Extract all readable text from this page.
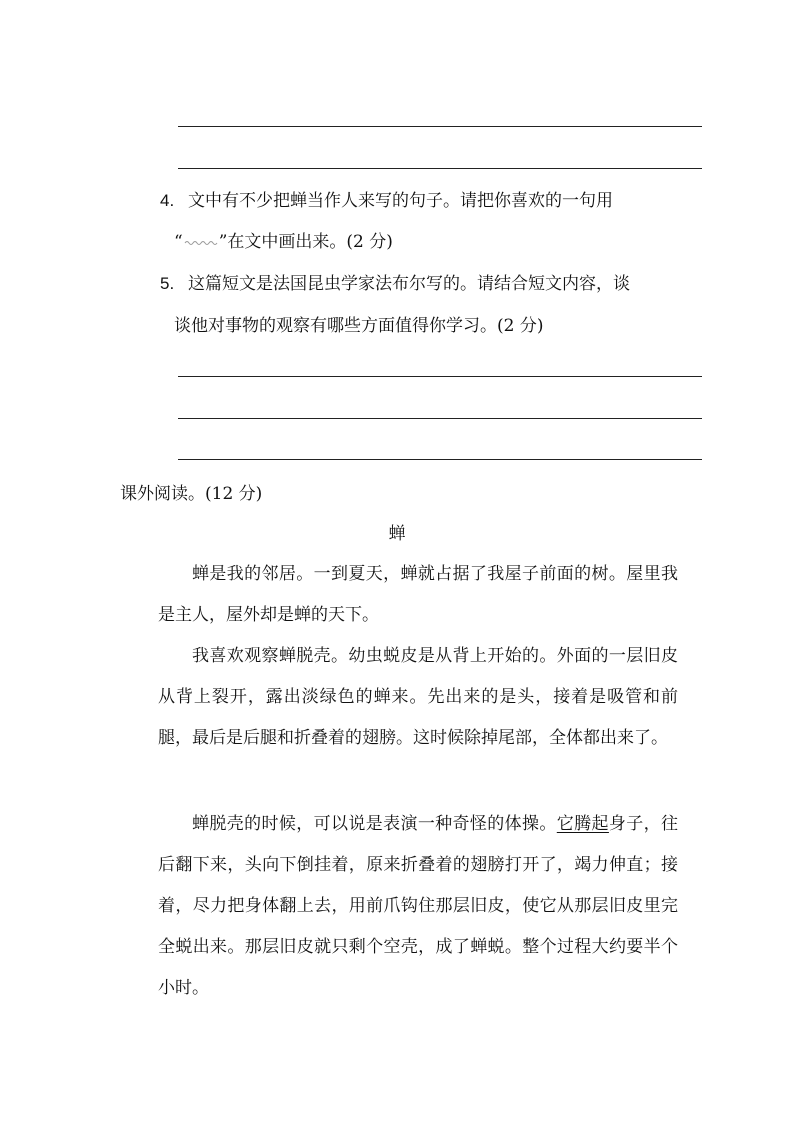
4. 文中有不少把蝉当作人来写的句子。请把你喜欢的一句用
“ ”在文中画出来。(2 分)
5. 这篇短文是法国昆虫学家法布尔写的。请结合短文内容，谈
谈他对事物的观察有哪些方面值得你学习。(2 分)
课外阅读。(12 分)
蝉
蝉是我的邻居。一到夏天，蝉就占据了我屋子前面的树。屋里我是主人，屋外却是蝉的天下。
我喜欢观察蝉脱壳。幼虫蜕皮是从背上开始的。外面的一层旧皮从背上裂开，露出淡绿色的蝉来。先出来的是头，接着是吸管和前腿，最后是后腿和折叠着的翅膀。这时候除掉尾部，全体都出来了。
蝉脱壳的时候，可以说是表演一种奇怪的体操。它腾起身子，往后翻下来，头向下倒挂着，原来折叠着的翅膀打开了，竭力伸直；接着，尽力把身体翻上去，用前爪钩住那层旧皮，使它从那层旧皮里完全蜕出来。那层旧皮就只剩个空壳，成了蝉蜕。整个过程大约要半个小时。
